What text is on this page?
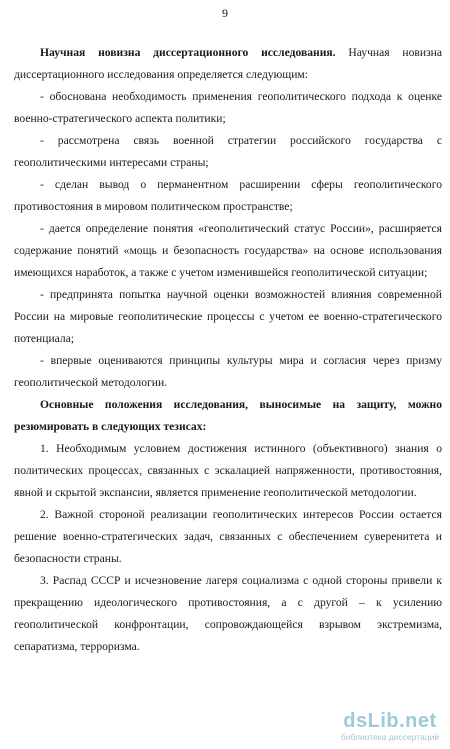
9

Научная новизна диссертационного исследования. Научная новизна диссертационного исследования определяется следующим:

- обоснована необходимость применения геополитического подхода к оценке военно-стратегического аспекта политики;

- рассмотрена связь военной стратегии российского государства с геополитическими интересами страны;

- сделан вывод о перманентном расширении сферы геополитического противостояния в мировом политическом пространстве;

- дается определение понятия «геополитический статус России», расширяется содержание понятий «мощь и безопасность государства» на основе использования имеющихся наработок, а также с учетом изменившейся геополитической ситуации;

- предпринята попытка научной оценки возможностей влияния современной России на мировые геополитические процессы с учетом ее военно-стратегического потенциала;

- впервые оцениваются принципы культуры мира и согласия через призму геополитической методологии.

Основные положения исследования, выносимые на защиту, можно резюмировать в следующих тезисах:

1. Необходимым условием достижения истинного (объективного) знания о политических процессах, связанных с эскалацией напряженности, противостояния, явной и скрытой экспансии, является применение геополитической методологии.

2. Важной стороной реализации геополитических интересов России остается решение военно-стратегических задач, связанных с обеспечением суверенитета и безопасности страны.

3. Распад СССР и исчезновение лагеря социализма с одной стороны привели к прекращению идеологического противостояния, а с другой – к усилению геополитической конфронтации, сопровождающейся взрывом экстремизма, сепаратизма, терроризма.

dsLib.net
библиотека диссертаций
